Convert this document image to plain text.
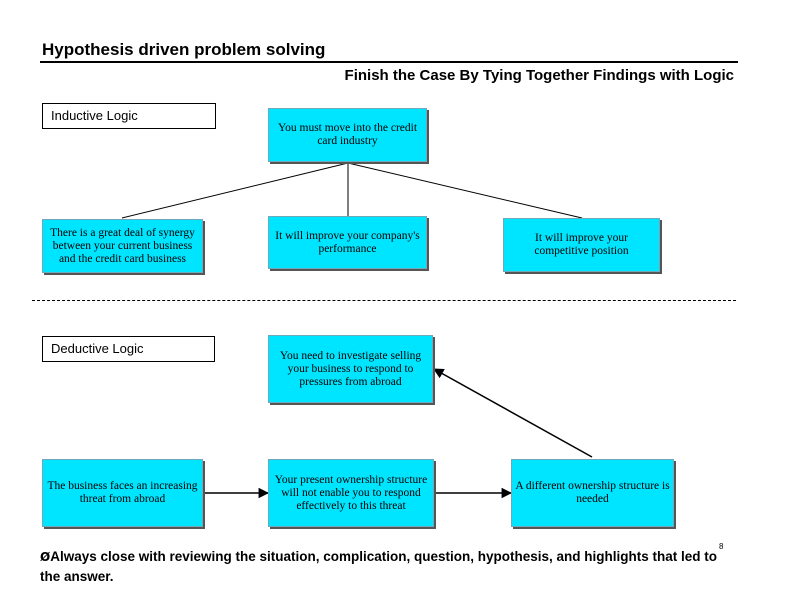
Hypothesis driven problem solving
Finish the Case By Tying Together Findings with Logic
Inductive Logic
You must move into the credit card industry
There is a great deal of synergy between your current business and the credit card business
It will improve your company's performance
It will improve your competitive position
Deductive Logic	You need to investigate selling your business to respond to pressures from abroad
The business faces an increasing threat from abroad
Your present ownership structure will not enable you to respond effectively to this threat
A different ownership structure is needed
ØAlways close with reviewing the situation, complication, question, hypothesis, and highlights that led to the answer.
8
